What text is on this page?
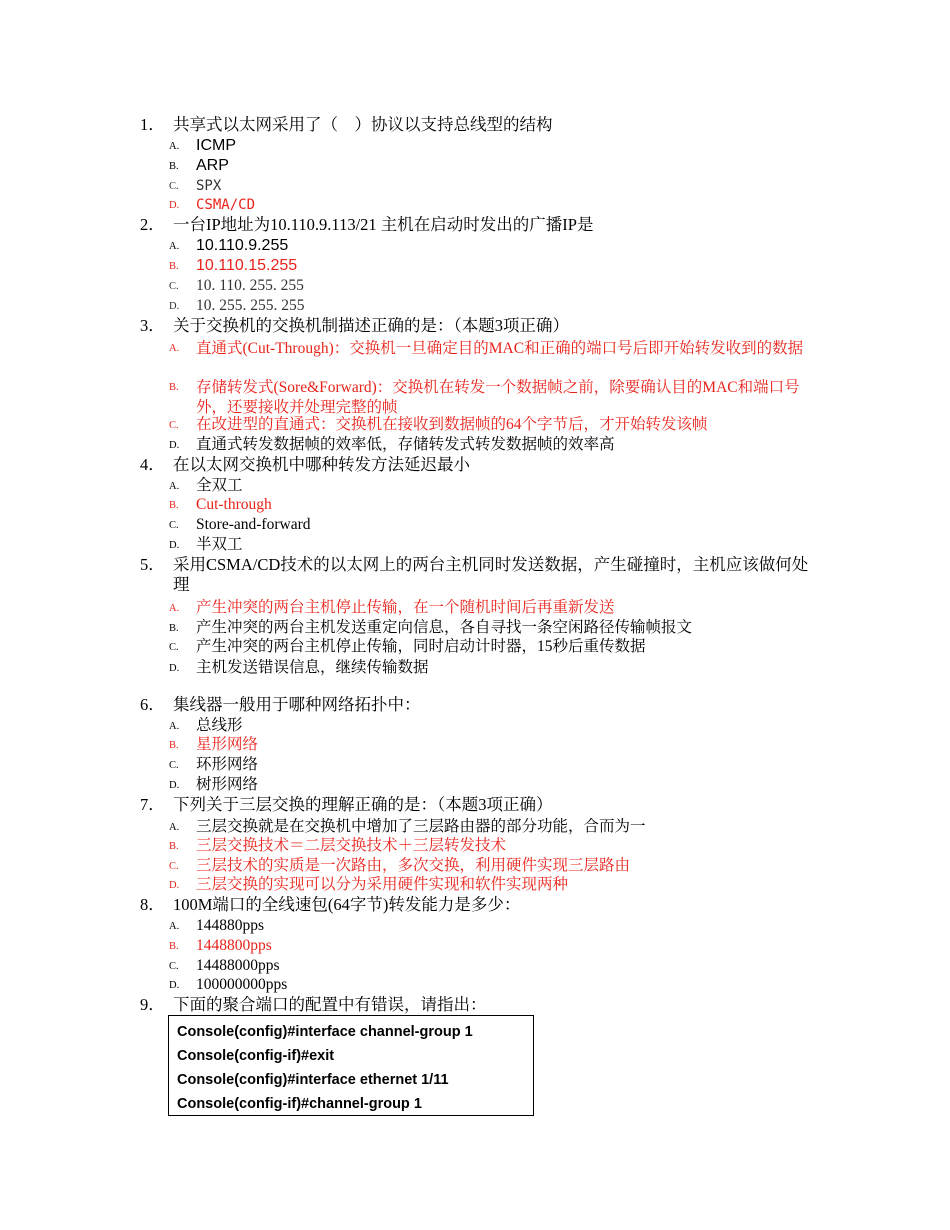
1． 共享式以太网采用了（　）协议以支持总线型的结构
A. ICMP
B. ARP
C. SPX
D. CSMA/CD
2． 一台IP地址为10.110.9.113/21 主机在启动时发出的广播IP是
A. 10.110.9.255
B. 10.110.15.255
C. 10. 110. 255. 255
D. 10. 255. 255. 255
3． 关于交换机的交换机制描述正确的是：（本题3项正确）
A. 直通式(Cut-Through)：交换机一旦确定目的MAC和正确的端口号后即开始转发收到的数据
B. 存储转发式(Sore&Forward)：交换机在转发一个数据帧之前，除要确认目的MAC和端口号外，还要接收并处理完整的帧
C. 在改进型的直通式：交换机在接收到数据帧的64个字节后，才开始转发该帧
D. 直通式转发数据帧的效率低，存储转发式转发数据帧的效率高
4． 在以太网交换机中哪种转发方法延迟最小
A. 全双工
B. Cut-through
C. Store-and-forward
D. 半双工
5． 采用CSMA/CD技术的以太网上的两台主机同时发送数据，产生碰撞时，主机应该做何处理
A. 产生冲突的两台主机停止传输，在一个随机时间后再重新发送
B. 产生冲突的两台主机发送重定向信息，各自寻找一条空闲路径传输帧报文
C. 产生冲突的两台主机停止传输，同时启动计时器，15秒后重传数据
D. 主机发送错误信息，继续传输数据
6． 集线器一般用于哪种网络拓扑中：
A. 总线形
B. 星形网络
C. 环形网络
D. 树形网络
7． 下列关于三层交换的理解正确的是：（本题3项正确）
A. 三层交换就是在交换机中增加了三层路由器的部分功能，合而为一
B. 三层交换技术＝二层交换技术＋三层转发技术
C. 三层技术的实质是一次路由，多次交换，利用硬件实现三层路由
D. 三层交换的实现可以分为采用硬件实现和软件实现两种
8． 100M端口的全线速包(64字节)转发能力是多少：
A. 144880pps
B. 1448800pps
C. 14488000pps
D. 100000000pps
9． 下面的聚合端口的配置中有错误，请指出：
Console(config)#interface channel-group 1
Console(config-if)#exit
Console(config)#interface ethernet 1/11
Console(config-if)#channel-group 1
